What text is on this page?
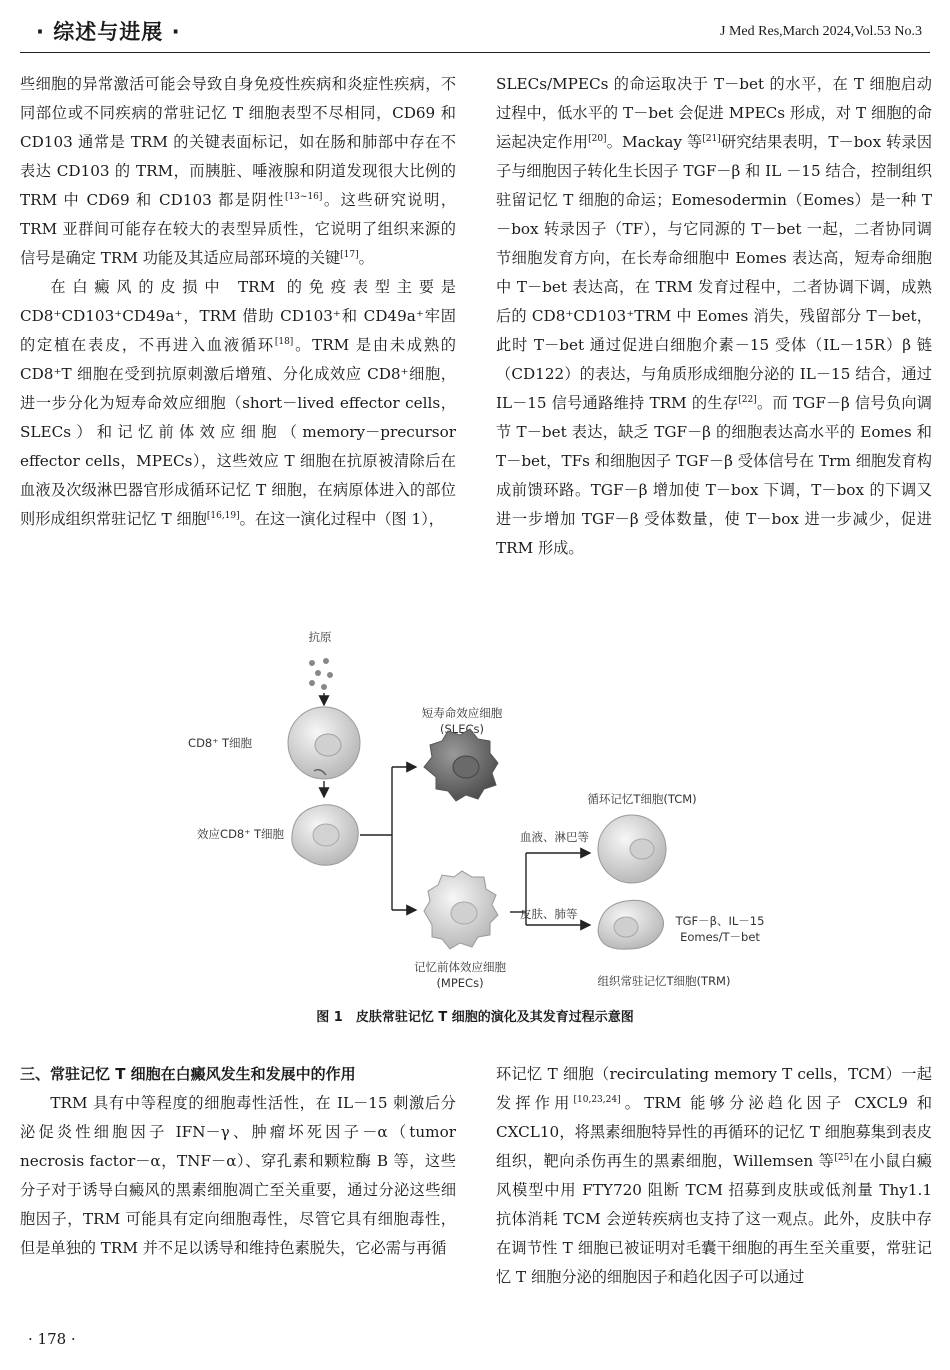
· 综述与进展 ·	J Med Res,March 2024,Vol.53 No.3

些细胞的异常激活可能会导致自身免疫性疾病和炎症性疾病，不同部位或不同疾病的常驻记忆 T 细胞表型不尽相同，CD69 和 CD103 通常是 TRM 的关键表面标记，如在肠和肺部中存在不表达 CD103 的 TRM，而胰脏、唾液腺和阴道发现很大比例的 TRM 中 CD69 和 CD103 都是阴性[13~16]。这些研究说明，TRM 亚群间可能存在较大的表型异质性，它说明了组织来源的信号是确定 TRM 功能及其适应局部环境的关键[17]。

在白癜风的皮损中 TRM 的免疫表型主要是 CD8⁺CD103⁺CD49a⁺，TRM 借助 CD103⁺和 CD49a⁺牢固的定植在表皮，不再进入血液循环[18]。TRM 是由未成熟的 CD8⁺T 细胞在受到抗原刺激后增殖、分化成效应 CD8⁺细胞，进一步分化为短寿命效应细胞（short－lived effector cells，SLECs）和记忆前体效应细胞（memory－precursor effector cells，MPECs），这些效应 T 细胞在抗原被清除后在血液及次级淋巴器官形成循环记忆 T 细胞，在病原体进入的部位则形成组织常驻记忆 T 细胞[16,19]。在这一演化过程中（图 1），

SLECs/MPECs 的命运取决于 T－bet 的水平，在 T 细胞启动过程中，低水平的 T－bet 会促进 MPECs 形成，对 T 细胞的命运起决定作用[20]。Mackay 等[21]研究结果表明，T－box 转录因子与细胞因子转化生长因子 TGF－β 和 IL －15 结合，控制组织驻留记忆 T 细胞的命运；Eomesodermin（Eomes）是一种 T－box 转录因子（TF），与它同源的 T－bet 一起，二者协同调节细胞发育方向，在长寿命细胞中 Eomes 表达高，短寿命细胞中 T－bet 表达高，在 TRM 发育过程中，二者协调下调，成熟后的 CD8⁺CD103⁺TRM 中 Eomes 消失，残留部分 T－bet，此时 T－bet 通过促进白细胞介素－15 受体（IL－15R）β 链（CD122）的表达，与角质形成细胞分泌的 IL－15 结合，通过 IL－15 信号通路维持 TRM 的生存[22]。而 TGF－β 信号负向调节 T－bet 表达，缺乏 TGF－β 的细胞表达高水平的 Eomes 和 T－bet，TFs 和细胞因子 TGF－β 受体信号在 Trm 细胞发育构成前馈环路。TGF－β 增加使 T－box 下调，T－box 的下调又进一步增加 TGF－β 受体数量，使 T－box 进一步减少，促进 TRM 形成。

抗原
CD8⁺ T细胞
效应CD8⁺ T细胞
短寿命效应细胞
(SLECs)
记忆前体效应细胞
(MPECs)
血液、淋巴等
皮肤、肺等
循环记忆T细胞(TCM)
TGF－β、IL－15
Eomes/T－bet
组织常驻记忆T细胞(TRM)
图 1　皮肤常驻记忆 T 细胞的演化及其发育过程示意图

三、常驻记忆 T 细胞在白癜风发生和发展中的作用

TRM 具有中等程度的细胞毒性活性，在 IL－15 刺激后分泌促炎性细胞因子 IFN－γ、肿瘤坏死因子－α（tumor necrosis factor－α，TNF－α）、穿孔素和颗粒酶 B 等，这些分子对于诱导白癜风的黑素细胞凋亡至关重要，通过分泌这些细胞因子，TRM 可能具有定向细胞毒性，尽管它具有细胞毒性，但是单独的 TRM 并不足以诱导和维持色素脱失，它必需与再循

环记忆 T 细胞（recirculating memory T cells，TCM）一起发挥作用[10,23,24]。TRM 能够分泌趋化因子 CXCL9 和 CXCL10，将黑素细胞特异性的再循环的记忆 T 细胞募集到表皮组织，靶向杀伤再生的黑素细胞，Willemsen 等[25]在小鼠白癜风模型中用 FTY720 阻断 TCM 招募到皮肤或低剂量 Thy1.1 抗体消耗 TCM 会逆转疾病也支持了这一观点。此外，皮肤中存在调节性 T 细胞已被证明对毛囊干细胞的再生至关重要，常驻记忆 T 细胞分泌的细胞因子和趋化因子可以通过

· 178 ·
